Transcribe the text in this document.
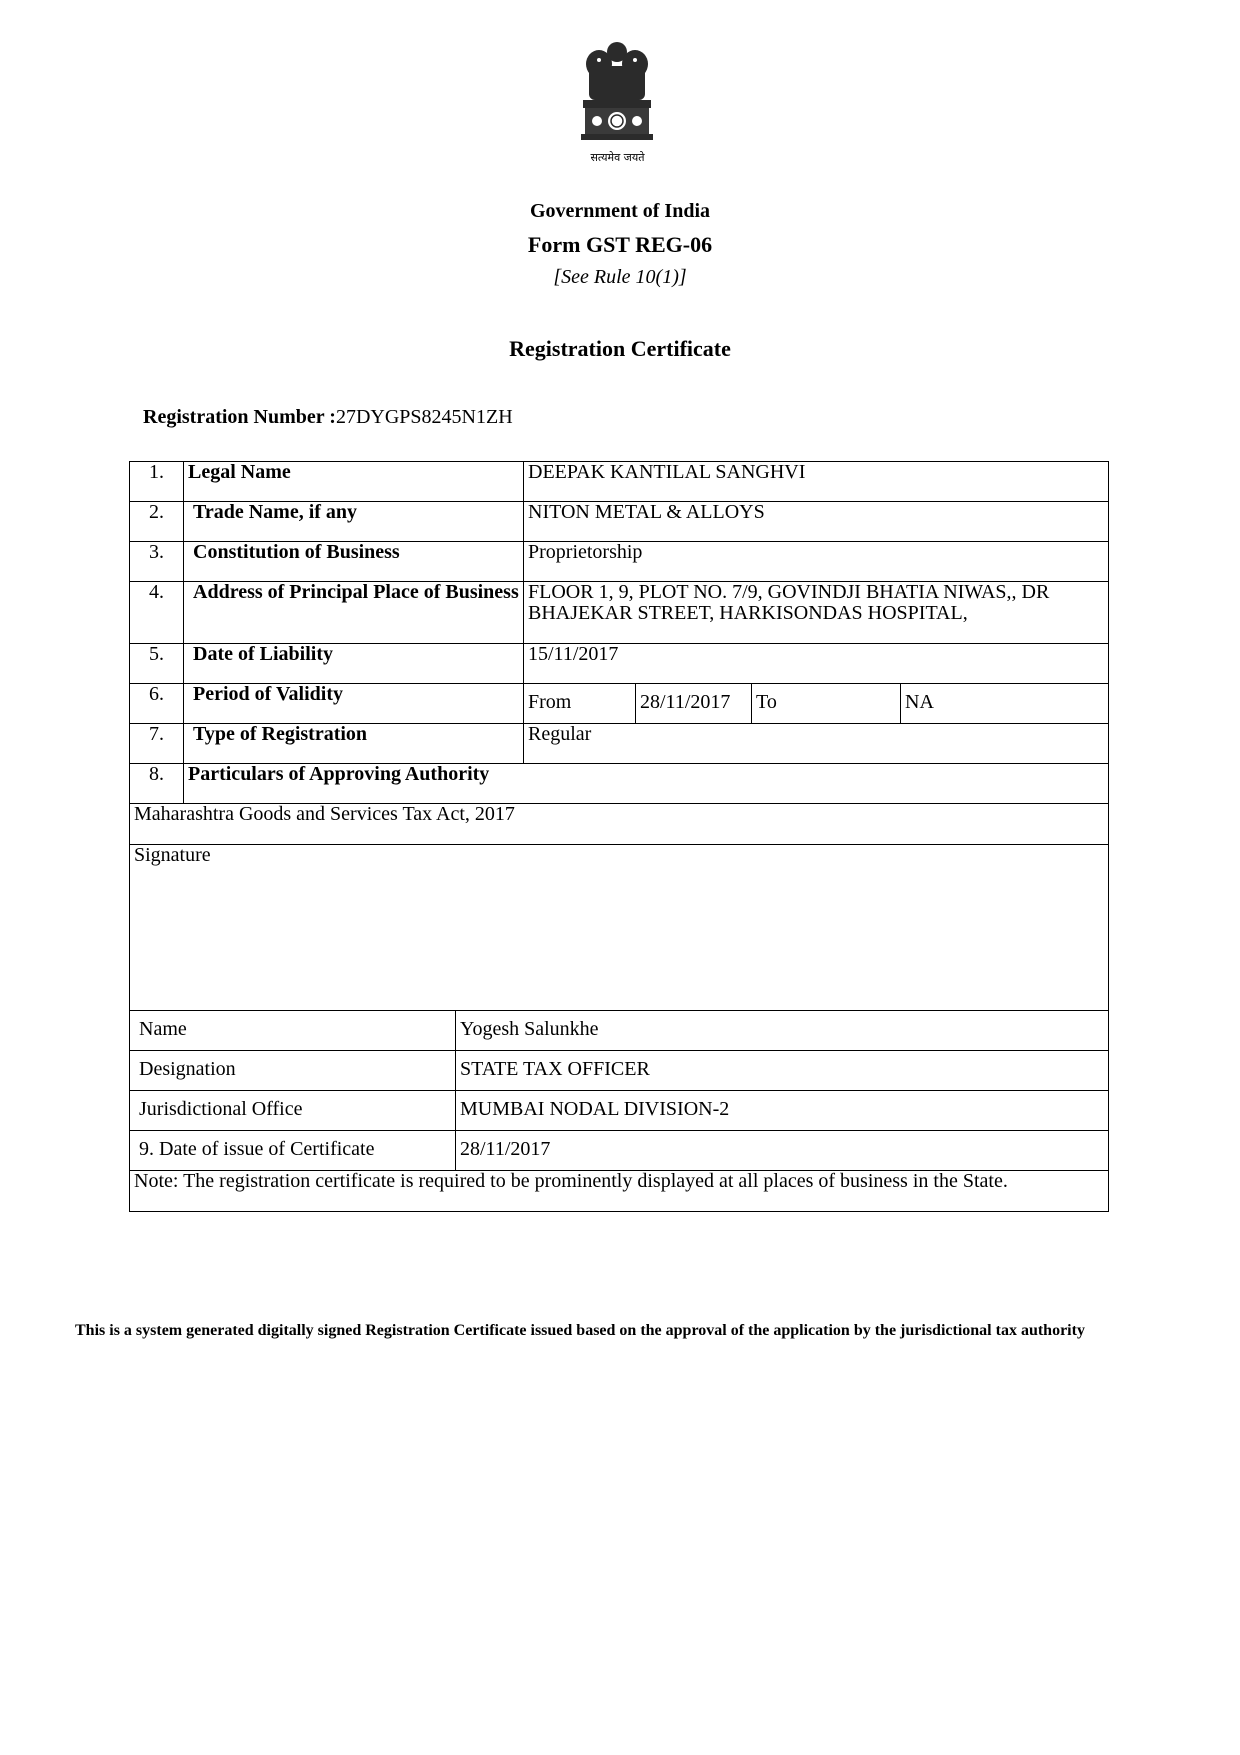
सत्यमेव जयते
Government of India
Form GST REG-06
[See Rule 10(1)]
Registration Certificate
Registration Number :27DYGPS8245N1ZH
1.	Legal Name	DEEPAK KANTILAL SANGHVI
2.	Trade Name, if any	NITON METAL & ALLOYS
3.	Constitution of Business	Proprietorship
4.	Address of Principal Place of Business	FLOOR 1, 9, PLOT NO. 7/9, GOVINDJI BHATIA NIWAS,, DR BHAJEKAR STREET, HARKISONDAS HOSPITAL,
5.	Date of Liability	15/11/2017
6.	Period of Validity		From	28/11/2017	To	NA

7.	Type of Registration	Regular
8.	Particulars of Approving Authority
Maharashtra Goods and Services Tax Act, 2017
Signature

Name	Yogesh Salunkhe
Designation	STATE TAX OFFICER
Jurisdictional Office	MUMBAI NODAL DIVISION-2
9. Date of issue of Certificate	28/11/2017

Note: The registration certificate is required to be prominently displayed at all places of business in the State.
This is a system generated digitally signed Registration Certificate issued based on the approval of the application by the jurisdictional tax authority
